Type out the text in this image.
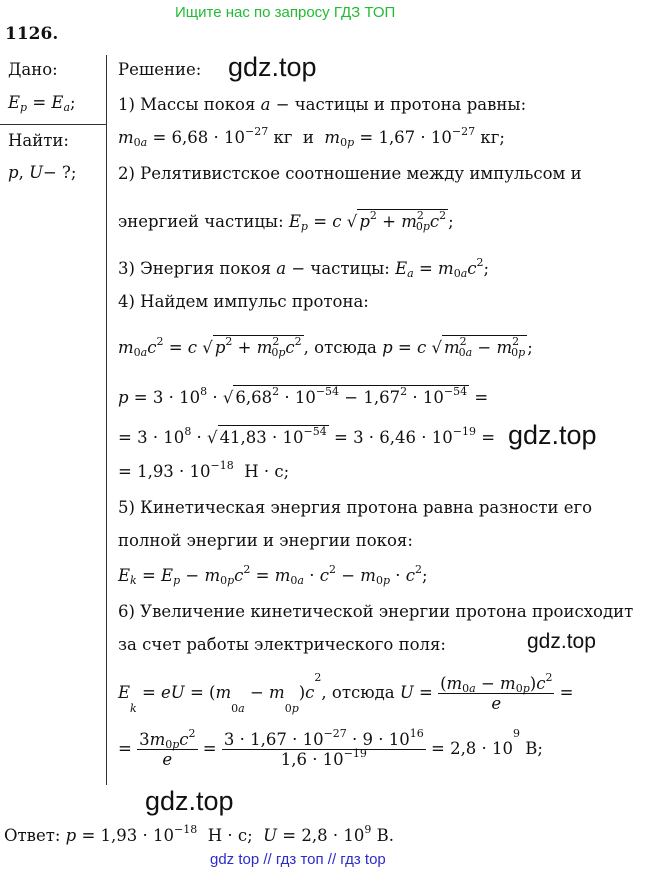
Ищите нас по запросу ГДЗ ТОП
1126.
Дано:
$E_p = E_a$;
Найти:
p, U− ?;
Решение: gdz.top
1) Массы покоя a − частицы и протона равны:
$m_{0a} = 6,68 \cdot 10^{-27}$ кг  и  $m_{0p} = 1,67 \cdot 10^{-27}$ кг;
2) Релятивистское соотношение между импульсом и
энергией частицы: $E_p = c$ √ $p^2 + m^2_{0p}c^2$ ;
3) Энергия покоя a − частицы: $E_a = m_{0a}c^2$;
4) Найдем импульс протона:
$m_{0a}c^2 = c$ √ $p^2 + m^2_{0p}c^2$ , отсюда p = c √ $m^2_{0a} - m^2_{0p}$ ;
$p = 3 \cdot 10^8$ · √ $6,68^2 \cdot 10^{-54} - 1,67^2 \cdot 10^{-54}$ =
= $3 \cdot 10^8$ · √ $41,83 \cdot 10^{-54} = 3 \cdot 6,46 \cdot 10^{-19} = gdz.top$
= $1,93 \cdot 10^{-18}$  Н · с;
5) Кинетическая энергия протона равна разности его
полной энергии и энергии покоя:
$E_k = E_p - m_{0p}c^2 = m_{0a} \cdot c^2 - m_{0p} \cdot c^2$;
6) Увеличение кинетической энергии протона происходит
за счет работы электрического поля:	gdz.top
$E_k$ = eU = $(m_{0a} - m_{0p})c^2$, отсюда $U = \frac{(m_{0a} - m_{0p})c^2}{e}$ =
= $\frac{3m_{0p}c^2}{e} = \frac{3 \cdot 1,67 \cdot 10^{-27} \cdot 9 \cdot 10^{16}}{1,6 \cdot 10^{-19}} = 2,8 \cdot 10^9$ В;
gdz.top
Ответ: $p = 1,93 \cdot 10^{-18}$  Н · с;  $U = 2,8 \cdot 10^9$ В.
gdz top // гдз топ // гдз top
